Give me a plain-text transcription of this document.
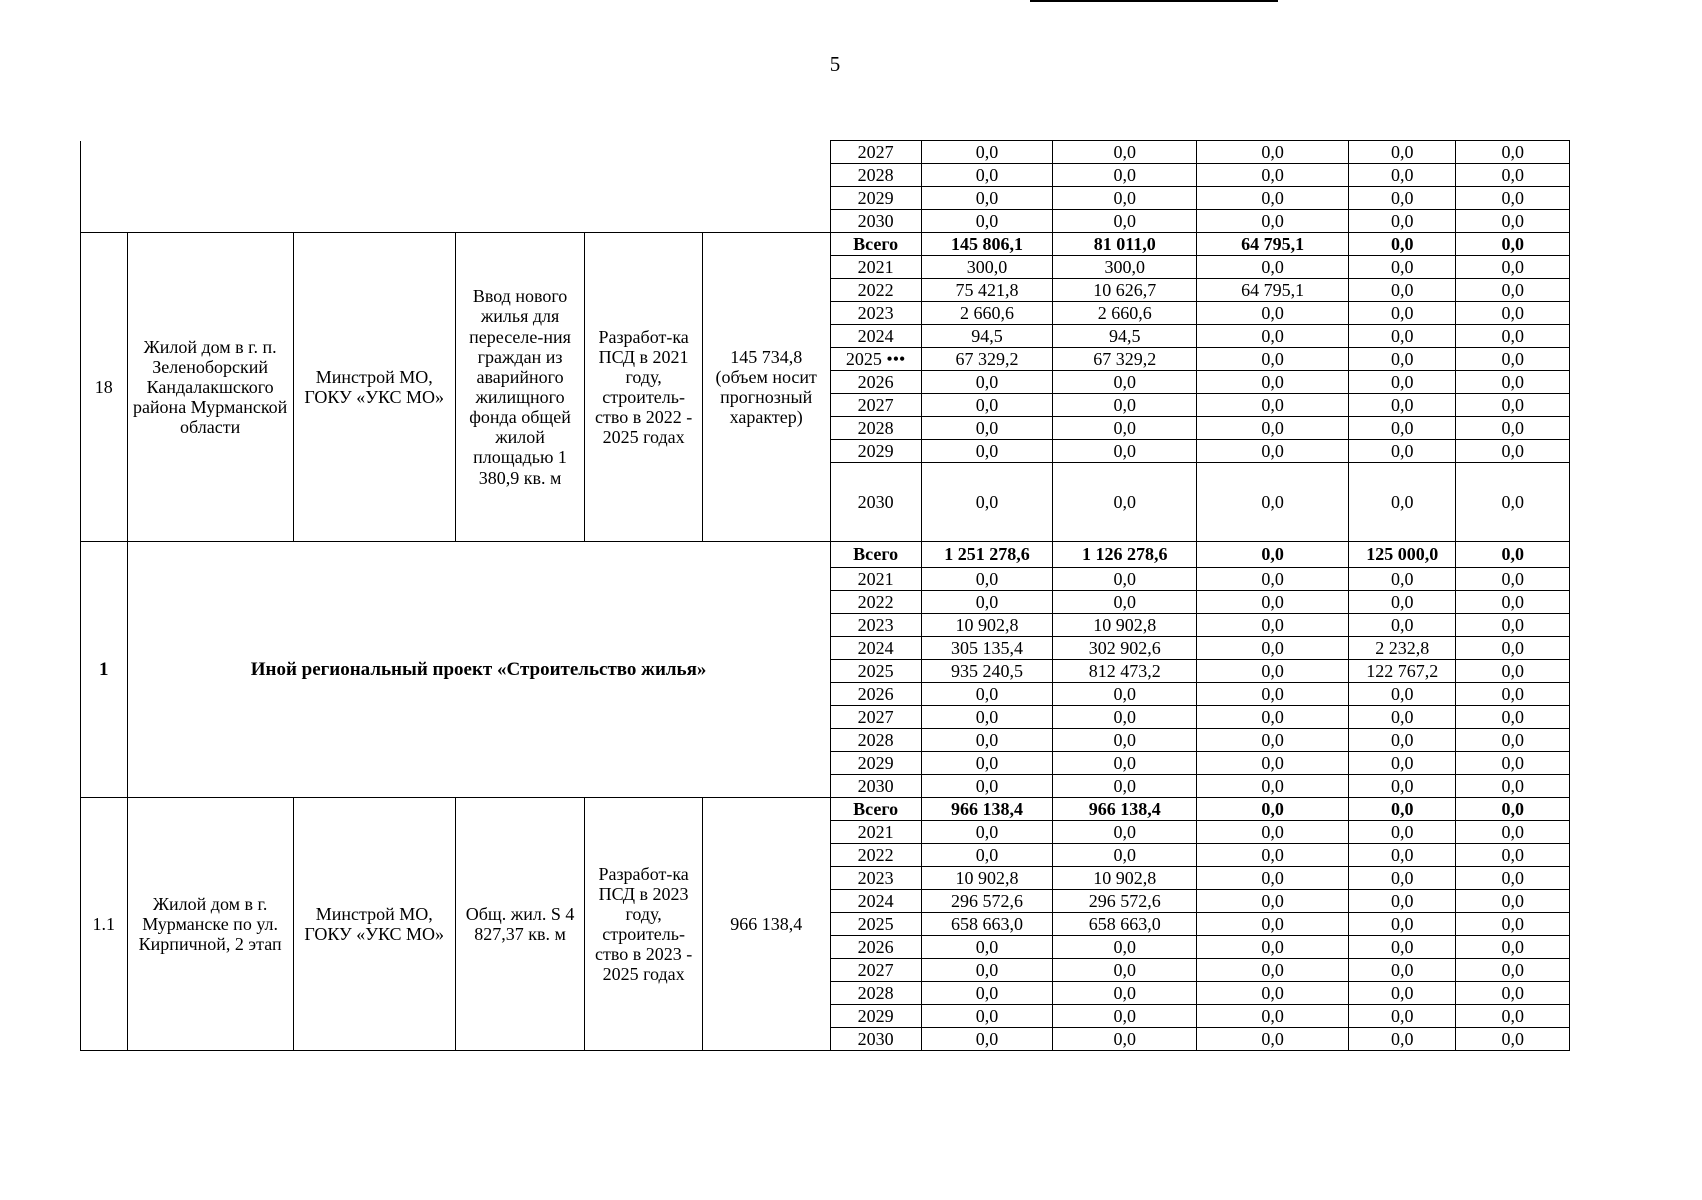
5
						2027	0,0	0,0	0,0	0,0	0,0
						2028	0,0	0,0	0,0	0,0	0,0
						2029	0,0	0,0	0,0	0,0	0,0
						2030	0,0	0,0	0,0	0,0	0,0
18	Жилой дом в г. п. Зеленоборский Кандалакшского района Мурманской области	Минстрой МО, ГОКУ «УКС МО»	Ввод нового жилья для переселе-ния граждан из аварийного жилищного фонда общей жилой площадью 1 380,9 кв. м	Разработ-ка ПСД в 2021 году, строитель-ство в 2022 - 2025 годах	145 734,8 (объем носит прогнозный характер)	Всего	145 806,1	81 011,0	64 795,1	0,0	0,0
						2021	300,0	300,0	0,0	0,0	0,0
						2022	75 421,8	10 626,7	64 795,1	0,0	0,0
						2023	2 660,6	2 660,6	0,0	0,0	0,0
						2024	94,5	94,5	0,0	0,0	0,0
						2025 •••	67 329,2	67 329,2	0,0	0,0	0,0
						2026	0,0	0,0	0,0	0,0	0,0
						2027	0,0	0,0	0,0	0,0	0,0
						2028	0,0	0,0	0,0	0,0	0,0
						2029	0,0	0,0	0,0	0,0	0,0
						2030	0,0	0,0	0,0	0,0	0,0
1	Иной региональный проект «Строительство жилья»					Всего	1 251 278,6	1 126 278,6	0,0	125 000,0	0,0
						2021	0,0	0,0	0,0	0,0	0,0
						2022	0,0	0,0	0,0	0,0	0,0
						2023	10 902,8	10 902,8	0,0	0,0	0,0
						2024	305 135,4	302 902,6	0,0	2 232,8	0,0
						2025	935 240,5	812 473,2	0,0	122 767,2	0,0
						2026	0,0	0,0	0,0	0,0	0,0
						2027	0,0	0,0	0,0	0,0	0,0
						2028	0,0	0,0	0,0	0,0	0,0
						2029	0,0	0,0	0,0	0,0	0,0
						2030	0,0	0,0	0,0	0,0	0,0
1.1	Жилой дом в г. Мурманске по ул. Кирпичной, 2 этап	Минстрой МО, ГОКУ «УКС МО»	Общ. жил. S 4 827,37 кв. м	Разработ-ка ПСД в 2023 году, строитель-ство в 2023 - 2025 годах	966 138,4	Всего	966 138,4	966 138,4	0,0	0,0	0,0
						2021	0,0	0,0	0,0	0,0	0,0
						2022	0,0	0,0	0,0	0,0	0,0
						2023	10 902,8	10 902,8	0,0	0,0	0,0
						2024	296 572,6	296 572,6	0,0	0,0	0,0
						2025	658 663,0	658 663,0	0,0	0,0	0,0
						2026	0,0	0,0	0,0	0,0	0,0
						2027	0,0	0,0	0,0	0,0	0,0
						2028	0,0	0,0	0,0	0,0	0,0
						2029	0,0	0,0	0,0	0,0	0,0
						2030	0,0	0,0	0,0	0,0	0,0
